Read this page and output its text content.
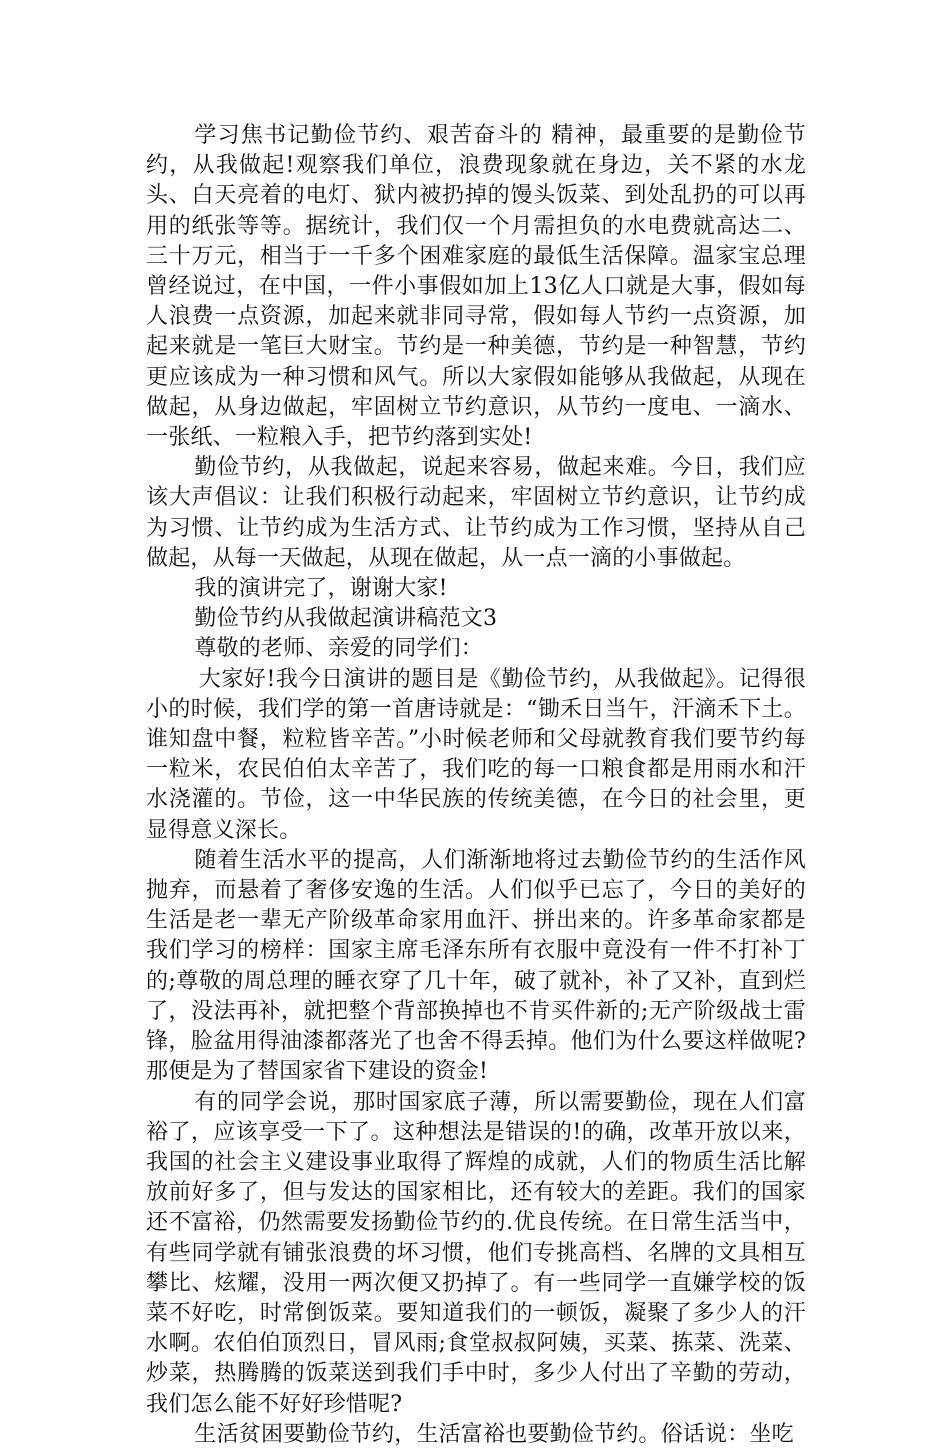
学习焦书记勤俭节约、艰苦奋斗的 精神，最重要的是勤俭节约，从我做起!观察我们单位，浪费现象就在身边，关不紧的水龙头、白天亮着的电灯、狱内被扔掉的馒头饭菜、到处乱扔的可以再用的纸张等等。据统计，我们仅一个月需担负的水电费就高达二、三十万元，相当于一千多个困难家庭的最低生活保障。温家宝总理曾经说过，在中国，一件小事假如加上13亿人口就是大事，假如每人浪费一点资源，加起来就非同寻常，假如每人节约一点资源，加起来就是一笔巨大财宝。节约是一种美德，节约是一种智慧，节约更应该成为一种习惯和风气。所以大家假如能够从我做起，从现在做起，从身边做起，牢固树立节约意识，从节约一度电、一滴水、一张纸、一粒粮入手，把节约落到实处!

勤俭节约，从我做起，说起来容易，做起来难。今日，我们应该大声倡议：让我们积极行动起来，牢固树立节约意识，让节约成为习惯、让节约成为生活方式、让节约成为工作习惯，坚持从自己做起，从每一天做起，从现在做起，从一点一滴的小事做起。

我的演讲完了，谢谢大家!

勤俭节约从我做起演讲稿范文3

尊敬的老师、亲爱的同学们：

大家好!我今日演讲的题目是《勤俭节约，从我做起》。记得很小的时候，我们学的第一首唐诗就是：“锄禾日当午，汗滴禾下土。谁知盘中餐，粒粒皆辛苦。”小时候老师和父母就教育我们要节约每一粒米，农民伯伯太辛苦了，我们吃的每一口粮食都是用雨水和汗水浇灌的。节俭，这一中华民族的传统美德，在今日的社会里，更显得意义深长。

随着生活水平的提高，人们渐渐地将过去勤俭节约的生活作风抛弃，而悬着了奢侈安逸的生活。人们似乎已忘了，今日的美好的生活是老一辈无产阶级革命家用血汗、拼出来的。许多革命家都是我们学习的榜样：国家主席毛泽东所有衣服中竟没有一件不打补丁的;尊敬的周总理的睡衣穿了几十年，破了就补，补了又补，直到烂了，没法再补，就把整个背部换掉也不肯买件新的;无产阶级战士雷锋，脸盆用得油漆都落光了也舍不得丢掉。他们为什么要这样做呢?那便是为了替国家省下建设的资金!

有的同学会说，那时国家底子薄，所以需要勤俭，现在人们富裕了，应该享受一下了。这种想法是错误的!的确，改革开放以来，我国的社会主义建设事业取得了辉煌的成就，人们的物质生活比解放前好多了，但与发达的国家相比，还有较大的差距。我们的国家还不富裕，仍然需要发扬勤俭节约的.优良传统。在日常生活当中，有些同学就有铺张浪费的坏习惯，他们专挑高档、名牌的文具相互攀比、炫耀，没用一两次便又扔掉了。有一些同学一直嫌学校的饭菜不好吃，时常倒饭菜。要知道我们的一顿饭，凝聚了多少人的汗水啊。农伯伯顶烈日，冒风雨;食堂叔叔阿姨，买菜、拣菜、洗菜、炒菜，热腾腾的饭菜送到我们手中时，多少人付出了辛勤的劳动，我们怎么能不好好珍惜呢?

生活贫困要勤俭节约，生活富裕也要勤俭节约。俗话说：坐吃
